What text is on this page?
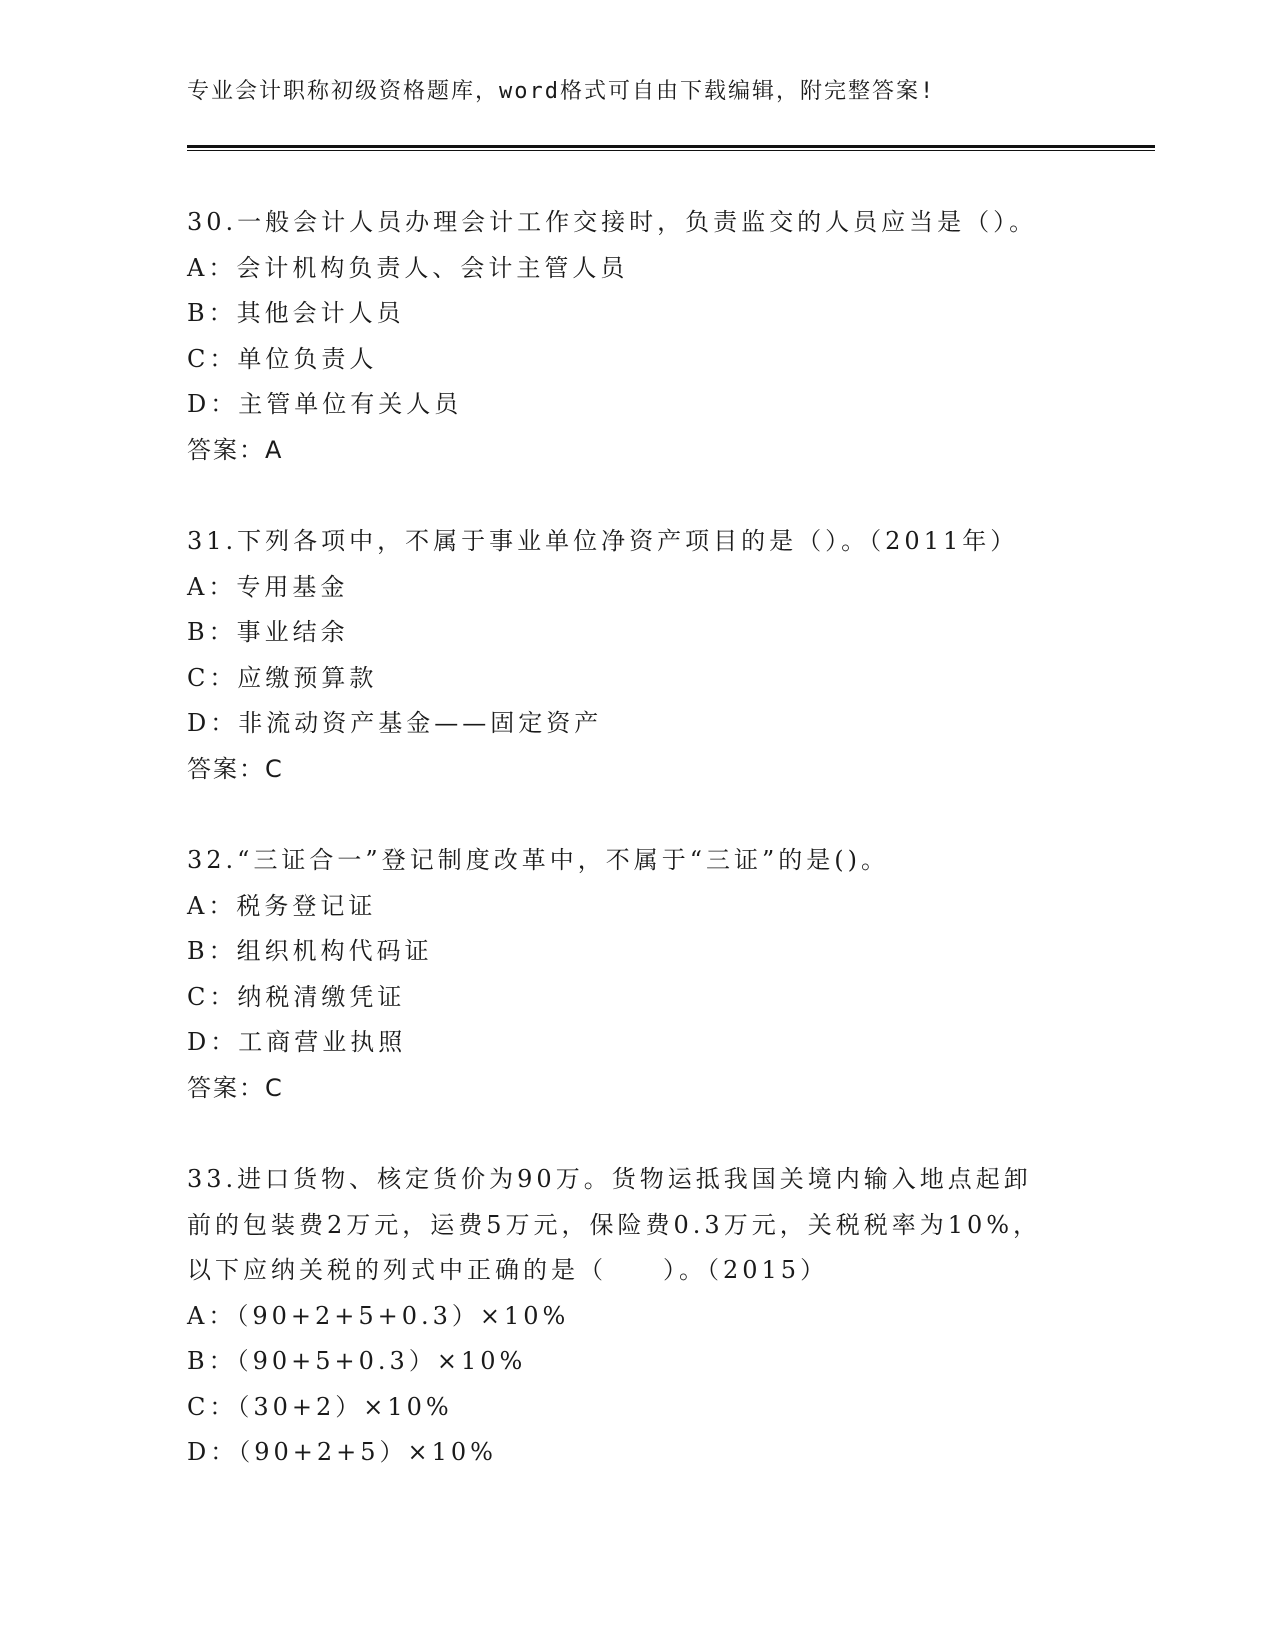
专业会计职称初级资格题库，word格式可自由下载编辑，附完整答案!
30.一般会计人员办理会计工作交接时，负责监交的人员应当是（）。
A：会计机构负责人、会计主管人员
B：其他会计人员
C：单位负责人
D：主管单位有关人员
答案：A
31.下列各项中，不属于事业单位净资产项目的是（）。（2011年）
A：专用基金
B：事业结余
C：应缴预算款
D：非流动资产基金——固定资产
答案：C
32.“三证合一”登记制度改革中，不属于“三证”的是()。
A：税务登记证
B：组织机构代码证
C：纳税清缴凭证
D：工商营业执照
答案：C
33.进口货物、核定货价为90万。货物运抵我国关境内输入地点起卸
前的包装费2万元，运费5万元，保险费0.3万元，关税税率为10%，
以下应纳关税的列式中正确的是（　　）。（2015）
A：（90+2+5+0.3）×10%
B：（90+5+0.3）×10%
C：（30+2）×10%
D：（90+2+5）×10%
